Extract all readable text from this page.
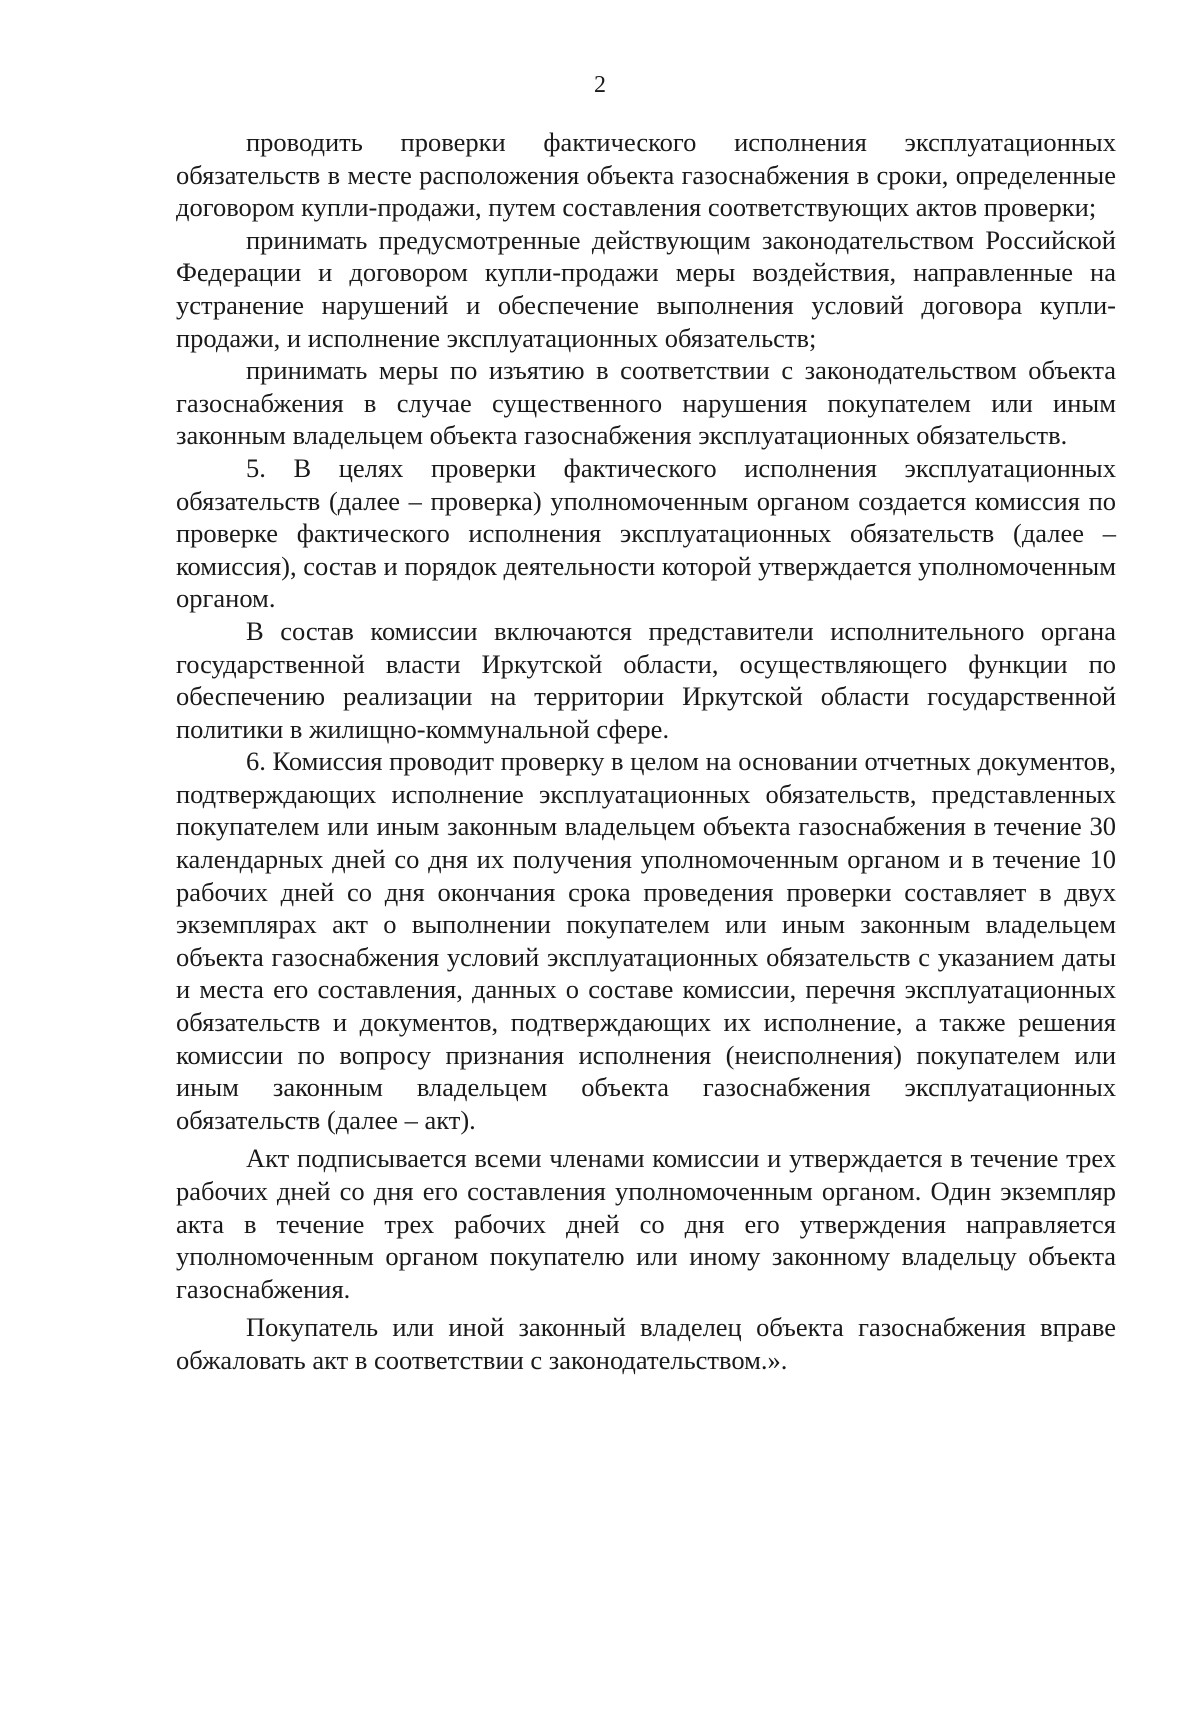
2

проводить проверки фактического исполнения эксплуатационных обязательств в месте расположения объекта газоснабжения в сроки, определенные договором купли-продажи, путем составления соответствующих актов проверки;

принимать предусмотренные действующим законодательством Российской Федерации и договором купли-продажи меры воздействия, направленные на устранение нарушений и обеспечение выполнения условий договора купли-продажи, и исполнение эксплуатационных обязательств;

принимать меры по изъятию в соответствии с законодательством объекта газоснабжения в случае существенного нарушения покупателем или иным законным владельцем объекта газоснабжения эксплуатационных обязательств.

5. В целях проверки фактического исполнения эксплуатационных обязательств (далее – проверка) уполномоченным органом создается комиссия по проверке фактического исполнения эксплуатационных обязательств (далее – комиссия), состав и порядок деятельности которой утверждается уполномоченным органом.

В состав комиссии включаются представители исполнительного органа государственной власти Иркутской области, осуществляющего функции по обеспечению реализации на территории Иркутской области государственной политики в жилищно-коммунальной сфере.

6. Комиссия проводит проверку в целом на основании отчетных документов, подтверждающих исполнение эксплуатационных обязательств, представленных покупателем или иным законным владельцем объекта газоснабжения в течение 30 календарных дней со дня их получения уполномоченным органом и в течение 10 рабочих дней со дня окончания срока проведения проверки составляет в двух экземплярах акт о выполнении покупателем или иным законным владельцем объекта газоснабжения условий эксплуатационных обязательств с указанием даты и места его составления, данных о составе комиссии, перечня эксплуатационных обязательств и документов, подтверждающих их исполнение, а также решения комиссии по вопросу признания исполнения (неисполнения) покупателем или иным законным владельцем объекта газоснабжения эксплуатационных обязательств (далее – акт).

Акт подписывается всеми членами комиссии и утверждается в течение трех рабочих дней со дня его составления уполномоченным органом. Один экземпляр акта в течение трех рабочих дней со дня его утверждения направляется уполномоченным органом покупателю или иному законному владельцу объекта газоснабжения.

Покупатель или иной законный владелец объекта газоснабжения вправе обжаловать акт в соответствии с законодательством.».
